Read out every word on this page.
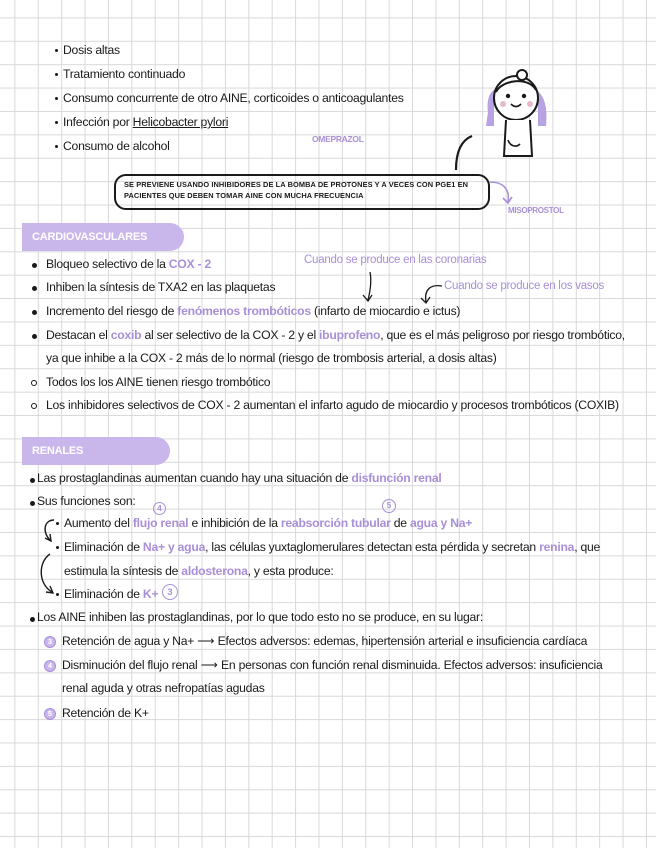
Dosis altas
Tratamiento continuado
Consumo concurrente de otro AINE, corticoides o anticoagulantes
Infección por Helicobacter pylori
Consumo de alcohol	OMEPRAZOL
SE PREVIENE USANDO INHIBIDORES DE LA BOMBA DE PROTONES Y A VECES CON PGE1 EN PACIENTES QUE DEBEN TOMAR AINE CON MUCHA FRECUENCIA
MISOPROSTOL
CARDIOVASCULARES
Cuando se produce en las coronarias
Cuando se produce en los vasos
Bloqueo selectivo de la COX - 2
Inhiben la síntesis de TXA2 en las plaquetas
Incremento del riesgo de fenómenos trombóticos (infarto de miocardio e ictus)
Destacan el coxib al ser selectivo de la COX - 2 y el ibuprofeno, que es el más peligroso por riesgo trombótico,
ya que inhibe a la COX - 2 más de lo normal (riesgo de trombosis arterial, a dosis altas)
Todos los los AINE tienen riesgo trombótico
Los inhibidores selectivos de COX - 2 aumentan el infarto agudo de miocardio y procesos trombóticos (COXIB)
RENALES
Las prostaglandinas aumentan cuando hay una situación de disfunción renal
Sus funciones son:
4	5
Aumento del flujo renal e inhibición de la reabsorción tubular de agua y Na+
Eliminación de Na+ y agua, las células yuxtaglomerulares detectan esta pérdida y secretan renina, que
estimula la síntesis de aldosterona, y esta produce:
Eliminación de K+	3
Los AINE inhiben las prostaglandinas, por lo que todo esto no se produce, en su lugar:
3 Retención de agua y Na+ ⟶ Efectos adversos: edemas, hipertensión arterial e insuficiencia cardíaca
4 Disminución del flujo renal ⟶ En personas con función renal disminuida. Efectos adversos: insuficiencia
renal aguda y otras nefropatías agudas
5 Retención de K+
